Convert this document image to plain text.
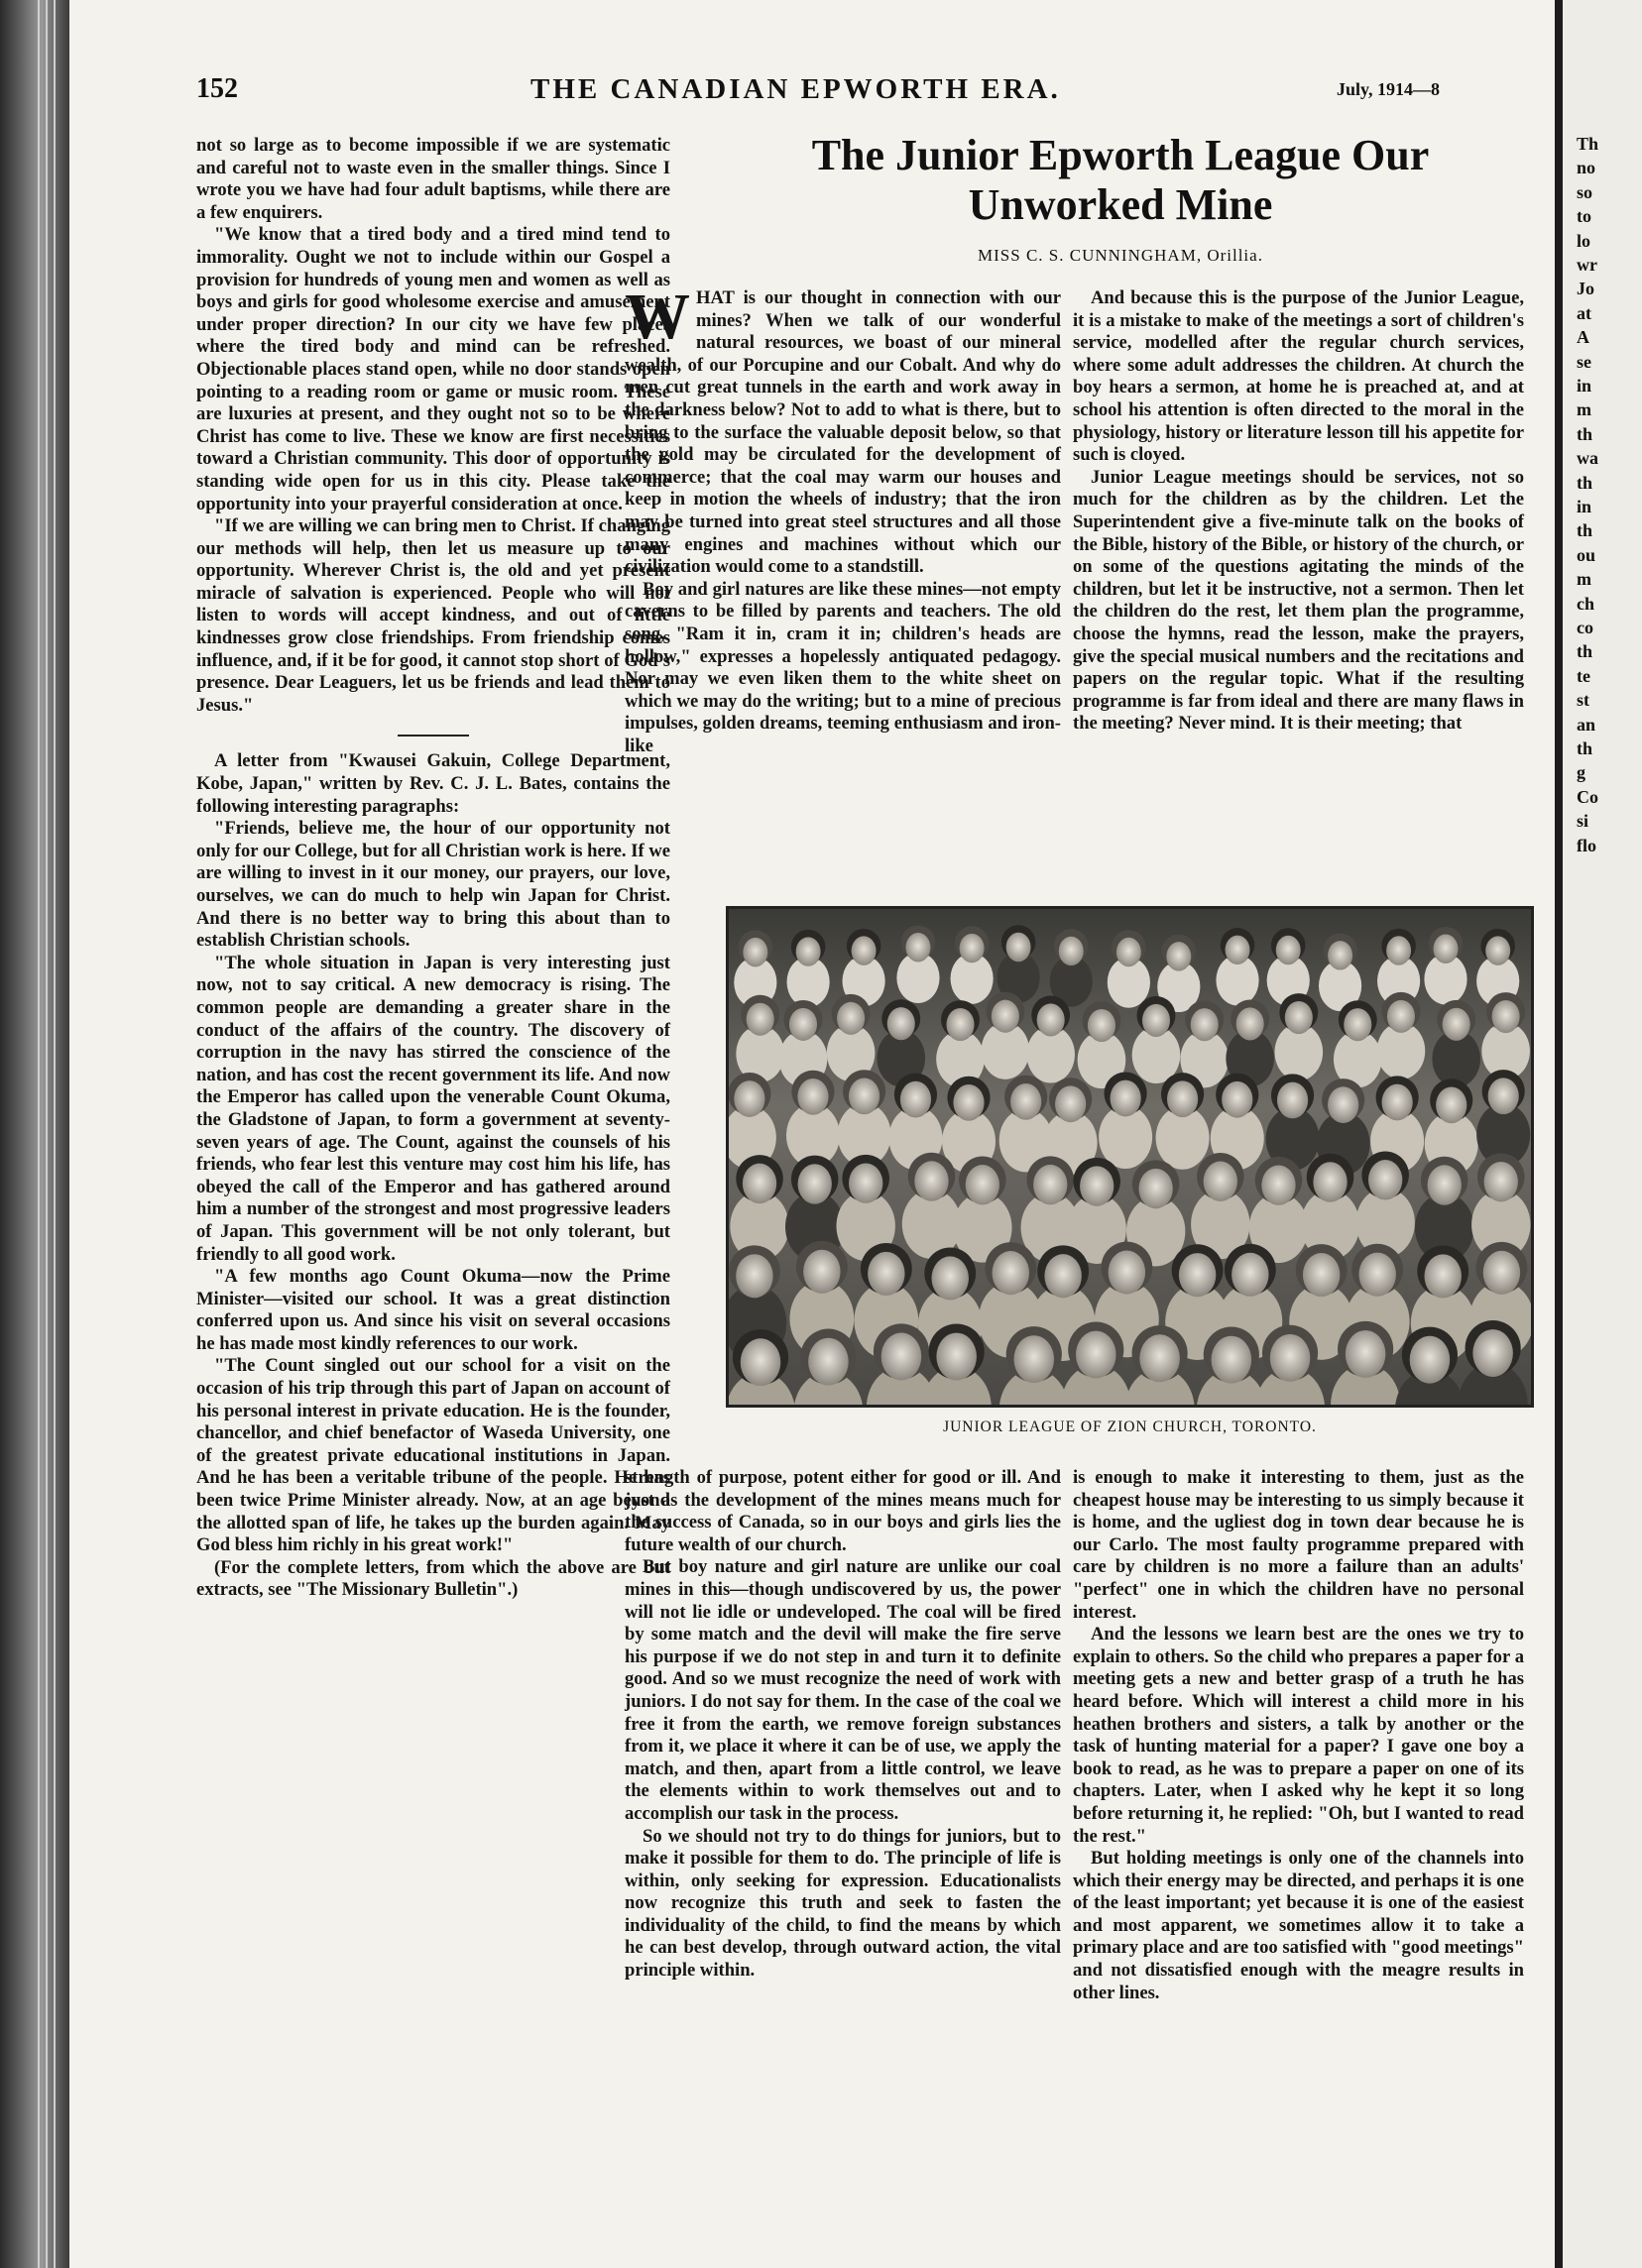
152	THE CANADIAN EPWORTH ERA.	July, 1914—8

not so large as to become impossible if we are systematic and careful not to waste even in the smaller things. Since I wrote you we have had four adult baptisms, while there are a few enquirers.

"We know that a tired body and a tired mind tend to immorality. Ought we not to include within our Gospel a provision for hundreds of young men and women as well as boys and girls for good wholesome exercise and amusement under proper direction? In our city we have few places where the tired body and mind can be refreshed. Objectionable places stand open, while no door stands open pointing to a reading room or game or music room. These are luxuries at present, and they ought not so to be where Christ has come to live. These we know are first necessities toward a Christian community. This door of opportunity is standing wide open for us in this city. Please take the opportunity into your prayerful consideration at once.

"If we are willing we can bring men to Christ. If changing our methods will help, then let us measure up to our opportunity. Wherever Christ is, the old and yet present miracle of salvation is experienced. People who will not listen to words will accept kindness, and out of little kindnesses grow close friendships. From friendship comes influence, and, if it be for good, it cannot stop short of God's presence. Dear Leaguers, let us be friends and lead them to Jesus."

A letter from "Kwausei Gakuin, College Department, Kobe, Japan," written by Rev. C. J. L. Bates, contains the following interesting paragraphs:

"Friends, believe me, the hour of our opportunity not only for our College, but for all Christian work is here. If we are willing to invest in it our money, our prayers, our love, ourselves, we can do much to help win Japan for Christ. And there is no better way to bring this about than to establish Christian schools.

"The whole situation in Japan is very interesting just now, not to say critical. A new democracy is rising. The common people are demanding a greater share in the conduct of the affairs of the country. The discovery of corruption in the navy has stirred the conscience of the nation, and has cost the recent government its life. And now the Emperor has called upon the venerable Count Okuma, the Gladstone of Japan, to form a government at seventy-seven years of age. The Count, against the counsels of his friends, who fear lest this venture may cost him his life, has obeyed the call of the Emperor and has gathered around him a number of the strongest and most progressive leaders of Japan. This government will be not only tolerant, but friendly to all good work.

"A few months ago Count Okuma—now the Prime Minister—visited our school. It was a great distinction conferred upon us. And since his visit on several occasions he has made most kindly references to our work.

"The Count singled out our school for a visit on the occasion of his trip through this part of Japan on account of his personal interest in private education. He is the founder, chancellor, and chief benefactor of Waseda University, one of the greatest private educational institutions in Japan. And he has been a veritable tribune of the people. He has been twice Prime Minister already. Now, at an age beyond the allotted span of life, he takes up the burden again. May God bless him richly in his great work!"

(For the complete letters, from which the above are but extracts, see "The Missionary Bulletin".)

The Junior Epworth League Our
Unworked Mine
MISS C. S. CUNNINGHAM, Orillia.

WHAT is our thought in connection with our mines? When we talk of our wonderful natural resources, we boast of our mineral wealth, of our Porcupine and our Cobalt. And why do men cut great tunnels in the earth and work away in the darkness below? Not to add to what is there, but to bring to the surface the valuable deposit below, so that the gold may be circulated for the development of commerce; that the coal may warm our houses and keep in motion the wheels of industry; that the iron may be turned into great steel structures and all those many engines and machines without which our civilization would come to a standstill.

Boy and girl natures are like these mines—not empty caverns to be filled by parents and teachers. The old song, "Ram it in, cram it in; children's heads are hollow," expresses a hopelessly antiquated pedagogy. Nor may we even liken them to the white sheet on which we may do the writing; but to a mine of precious impulses, golden dreams, teeming enthusiasm and iron-like

And because this is the purpose of the Junior League, it is a mistake to make of the meetings a sort of children's service, modelled after the regular church services, where some adult addresses the children. At church the boy hears a sermon, at home he is preached at, and at school his attention is often directed to the moral in the physiology, history or literature lesson till his appetite for such is cloyed.

Junior League meetings should be services, not so much for the children as by the children. Let the Superintendent give a five-minute talk on the books of the Bible, history of the Bible, or history of the church, or on some of the questions agitating the minds of the children, but let it be instructive, not a sermon. Then let the children do the rest, let them plan the programme, choose the hymns, read the lesson, make the prayers, give the special musical numbers and the recitations and papers on the regular topic. What if the resulting programme is far from ideal and there are many flaws in the meeting? Never mind. It is their meeting; that

JUNIOR LEAGUE OF ZION CHURCH, TORONTO.

strength of purpose, potent either for good or ill. And just as the development of the mines means much for the success of Canada, so in our boys and girls lies the future wealth of our church.

But boy nature and girl nature are unlike our coal mines in this—though undiscovered by us, the power will not lie idle or undeveloped. The coal will be fired by some match and the devil will make the fire serve his purpose if we do not step in and turn it to definite good. And so we must recognize the need of work with juniors. I do not say for them. In the case of the coal we free it from the earth, we remove foreign substances from it, we place it where it can be of use, we apply the match, and then, apart from a little control, we leave the elements within to work themselves out and to accomplish our task in the process.

So we should not try to do things for juniors, but to make it possible for them to do. The principle of life is within, only seeking for expression. Educationalists now recognize this truth and seek to fasten the individuality of the child, to find the means by which he can best develop, through outward action, the vital principle within.

is enough to make it interesting to them, just as the cheapest house may be interesting to us simply because it is home, and the ugliest dog in town dear because he is our Carlo. The most faulty programme prepared with care by children is no more a failure than an adults' "perfect" one in which the children have no personal interest.

And the lessons we learn best are the ones we try to explain to others. So the child who prepares a paper for a meeting gets a new and better grasp of a truth he has heard before. Which will interest a child more in his heathen brothers and sisters, a talk by another or the task of hunting material for a paper? I gave one boy a book to read, as he was to prepare a paper on one of its chapters. Later, when I asked why he kept it so long before returning it, he replied: "Oh, but I wanted to read the rest."

But holding meetings is only one of the channels into which their energy may be directed, and perhaps it is one of the least important; yet because it is one of the easiest and most apparent, we sometimes allow it to take a primary place and are too satisfied with "good meetings" and not dissatisfied enough with the meagre results in other lines.

Th
no
so
to
lo
wr
Jo
at
A
se
in
m
th
wa
th
in
th
ou
m
ch
co
th
te
st
an
th
g
Co
si
flo
